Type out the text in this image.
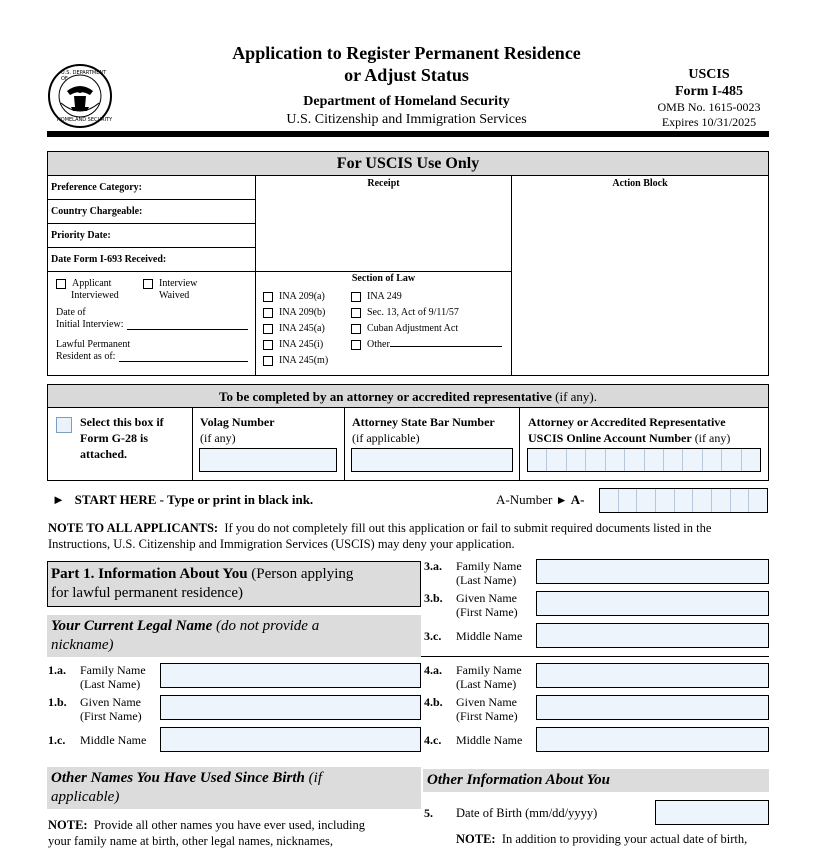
U.S. DEPARTMENT OF
HOMELAND SECURITY
Application to Register Permanent Residence
or Adjust Status
Department of Homeland Security
U.S. Citizenship and Immigration Services
USCIS
Form I-485
OMB No. 1615-0023
Expires 10/31/2025
For USCIS Use Only
Receipt	Action Block
Preference Category:
Country Chargeable:
Priority Date:
Date Form I-693 Received:
Applicant
Interviewed
Interview
Waived
Date of
Initial Interview:
Lawful Permanent
Resident as of:
Section of Law
INA 209(a)
INA 209(b)
INA 245(a)
INA 245(i)
INA 245(m)
INA 249
Sec. 13, Act of 9/11/57
Cuban Adjustment Act
Other
To be completed by an attorney or accredited representative (if any).
Select this box if
Form G-28 is
attached.
Volag Number
(if any)
Attorney State Bar Number
(if applicable)
Attorney or Accredited Representative
USCIS Online Account Number (if any)
► START HERE - Type or print in black ink.	A-Number ► A-
NOTE TO ALL APPLICANTS: If you do not completely fill out this application or fail to submit required documents listed in the
Instructions, U.S. Citizenship and Immigration Services (USCIS) may deny your application.
Part 1. Information About You (Person applying
for lawful permanent residence)
Your Current Legal Name (do not provide a
nickname)
1.a. Family Name
(Last Name)
1.b. Given Name
(First Name)
1.c. Middle Name
Other Names You Have Used Since Birth (if
applicable)
NOTE: Provide all other names you have ever used, including
your family name at birth, other legal names, nicknames,
3.a. Family Name
(Last Name)
3.b. Given Name
(First Name)
3.c. Middle Name
4.a. Family Name
(Last Name)
4.b. Given Name
(First Name)
4.c. Middle Name
Other Information About You
5. Date of Birth (mm/dd/yyyy)
NOTE: In addition to providing your actual date of birth,
